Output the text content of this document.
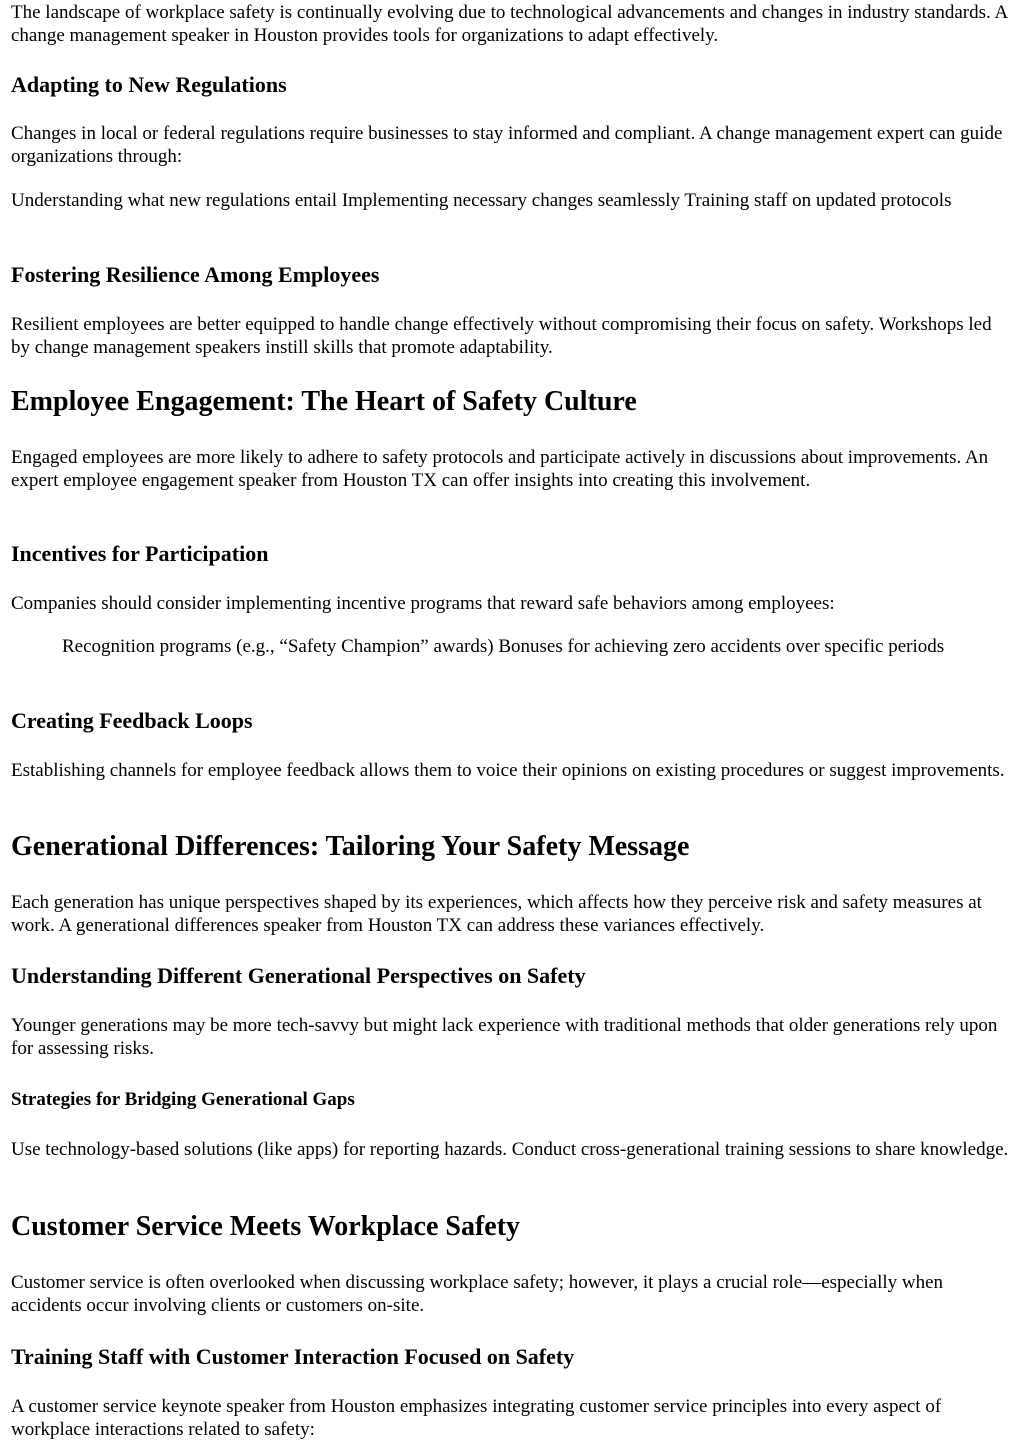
The landscape of workplace safety is continually evolving due to technological advancements and changes in industry standards. A change management speaker in Houston provides tools for organizations to adapt effectively.

Adapting to New Regulations

Changes in local or federal regulations require businesses to stay informed and compliant. A change management expert can guide organizations through:

Understanding what new regulations entail Implementing necessary changes seamlessly Training staff on updated protocols

Fostering Resilience Among Employees

Resilient employees are better equipped to handle change effectively without compromising their focus on safety. Workshops led by change management speakers instill skills that promote adaptability.

Employee Engagement: The Heart of Safety Culture

Engaged employees are more likely to adhere to safety protocols and participate actively in discussions about improvements. An expert employee engagement speaker from Houston TX can offer insights into creating this involvement.

Incentives for Participation

Companies should consider implementing incentive programs that reward safe behaviors among employees:

Recognition programs (e.g., “Safety Champion” awards) Bonuses for achieving zero accidents over specific periods

Creating Feedback Loops

Establishing channels for employee feedback allows them to voice their opinions on existing procedures or suggest improvements.

Generational Differences: Tailoring Your Safety Message

Each generation has unique perspectives shaped by its experiences, which affects how they perceive risk and safety measures at work. A generational differences speaker from Houston TX can address these variances effectively.

Understanding Different Generational Perspectives on Safety

Younger generations may be more tech-savvy but might lack experience with traditional methods that older generations rely upon for assessing risks.

Strategies for Bridging Generational Gaps

Use technology-based solutions (like apps) for reporting hazards. Conduct cross-generational training sessions to share knowledge.

Customer Service Meets Workplace Safety

Customer service is often overlooked when discussing workplace safety; however, it plays a crucial role—especially when accidents occur involving clients or customers on-site.

Training Staff with Customer Interaction Focused on Safety

A customer service keynote speaker from Houston emphasizes integrating customer service principles into every aspect of workplace interactions related to safety:
